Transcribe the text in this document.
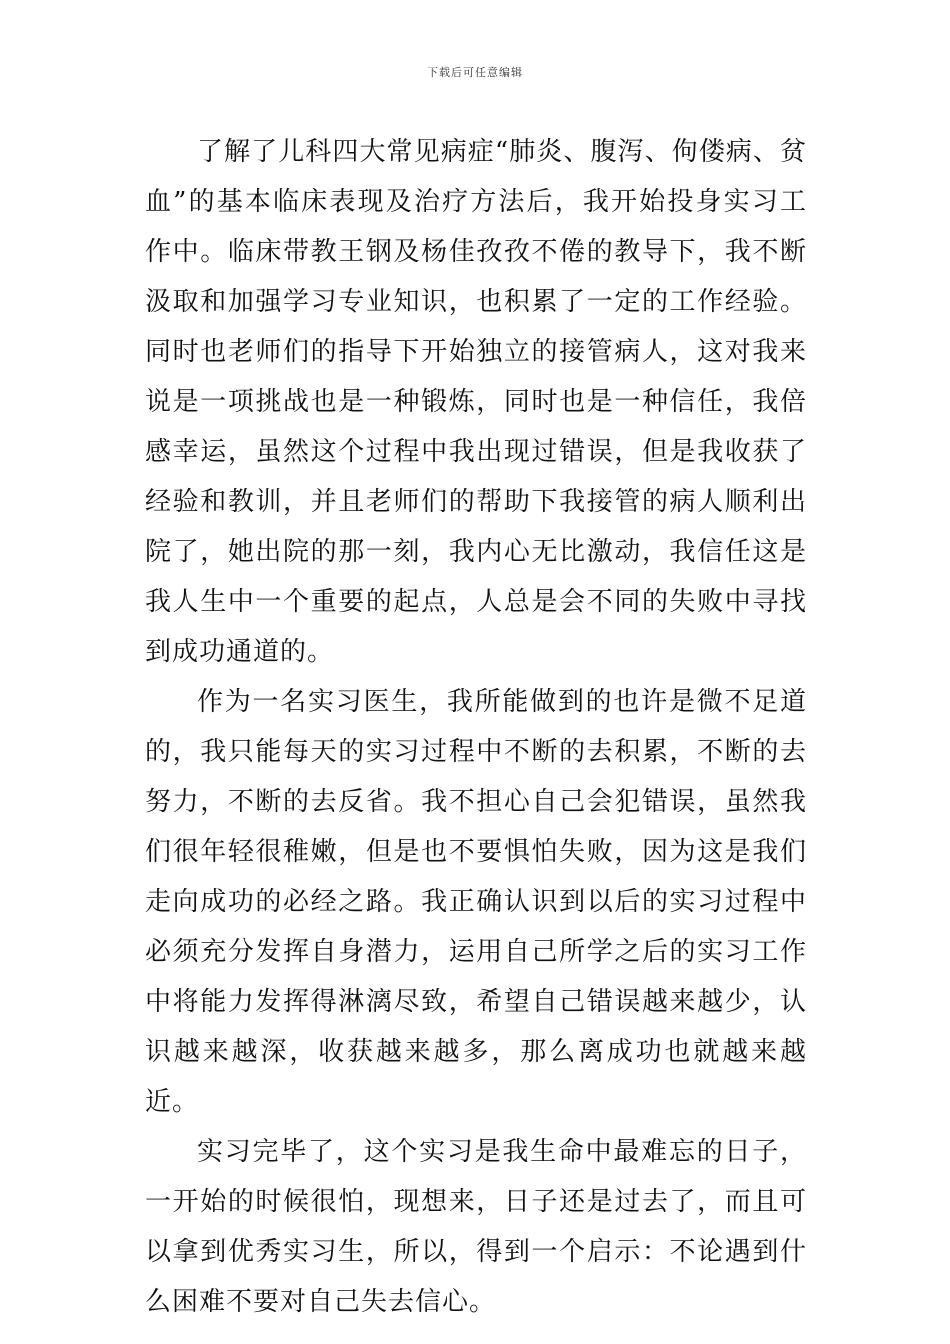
下载后可任意编辑

了解了儿科四大常见病症“肺炎、腹泻、佝偻病、贫血”的基本临床表现及治疗方法后，我开始投身实习工作中。临床带教王钢及杨佳孜孜不倦的教导下，我不断汲取和加强学习专业知识，也积累了一定的工作经验。同时也老师们的指导下开始独立的接管病人，这对我来说是一项挑战也是一种锻炼，同时也是一种信任，我倍感幸运，虽然这个过程中我出现过错误，但是我收获了经验和教训，并且老师们的帮助下我接管的病人顺利出院了，她出院的那一刻，我内心无比激动，我信任这是我人生中一个重要的起点，人总是会不同的失败中寻找到成功通道的。

作为一名实习医生，我所能做到的也许是微不足道的，我只能每天的实习过程中不断的去积累，不断的去努力，不断的去反省。我不担心自己会犯错误，虽然我们很年轻很稚嫩，但是也不要惧怕失败，因为这是我们走向成功的必经之路。我正确认识到以后的实习过程中必须充分发挥自身潜力，运用自己所学之后的实习工作中将能力发挥得淋漓尽致，希望自己错误越来越少，认识越来越深，收获越来越多，那么离成功也就越来越近。

实习完毕了，这个实习是我生命中最难忘的日子，一开始的时候很怕，现想来，日子还是过去了，而且可以拿到优秀实习生，所以，得到一个启示：不论遇到什么困难不要对自己失去信心。
